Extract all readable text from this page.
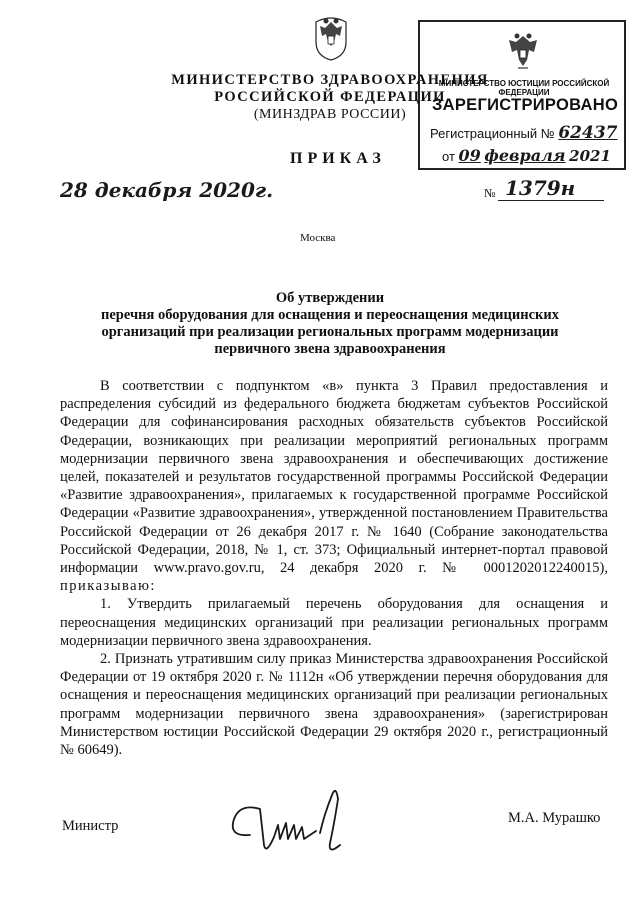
МИНИСТЕРСТВО ЗДРАВООХРАНЕНИЯ
РОССИЙСКОЙ ФЕДЕРАЦИИ
(МИНЗДРАВ РОССИИ)
МИНИСТЕРСТВО ЮСТИЦИИ РОССИЙСКОЙ ФЕДЕРАЦИИ
ЗАРЕГИСТРИРОВАНО
Регистрационный № 62437
от 09 февраля 2021
ПРИКАЗ
28 декабря 2020г.	№ 1379н
Москва
Об утверждении
перечня оборудования для оснащения и переоснащения медицинских организаций при реализации региональных программ модернизации первичного звена здравоохранения

В соответствии с подпунктом «в» пункта 3 Правил предоставления и распределения субсидий из федерального бюджета бюджетам субъектов Российской Федерации для софинансирования расходных обязательств субъектов Российской Федерации, возникающих при реализации мероприятий региональных программ модернизации первичного звена здравоохранения и обеспечивающих достижение целей, показателей и результатов государственной программы Российской Федерации «Развитие здравоохранения», прилагаемых к государственной программе Российской Федерации «Развитие здравоохранения», утвержденной постановлением Правительства Российской Федерации от 26 декабря 2017 г. № 1640 (Собрание законодательства Российской Федерации, 2018, № 1, ст. 373; Официальный интернет-портал правовой информации www.pravo.gov.ru, 24 декабря 2020 г. № 0001202012240015), приказываю:

1. Утвердить прилагаемый перечень оборудования для оснащения и переоснащения медицинских организаций при реализации региональных программ модернизации первичного звена здравоохранения.

2. Признать утратившим силу приказ Министерства здравоохранения Российской Федерации от 19 октября 2020 г. № 1112н «Об утверждении перечня оборудования для оснащения и переоснащения медицинских организаций при реализации региональных программ модернизации первичного звена здравоохранения» (зарегистрирован Министерством юстиции Российской Федерации 29 октября 2020 г., регистрационный № 60649).

Министр	М.А. Мурашко
